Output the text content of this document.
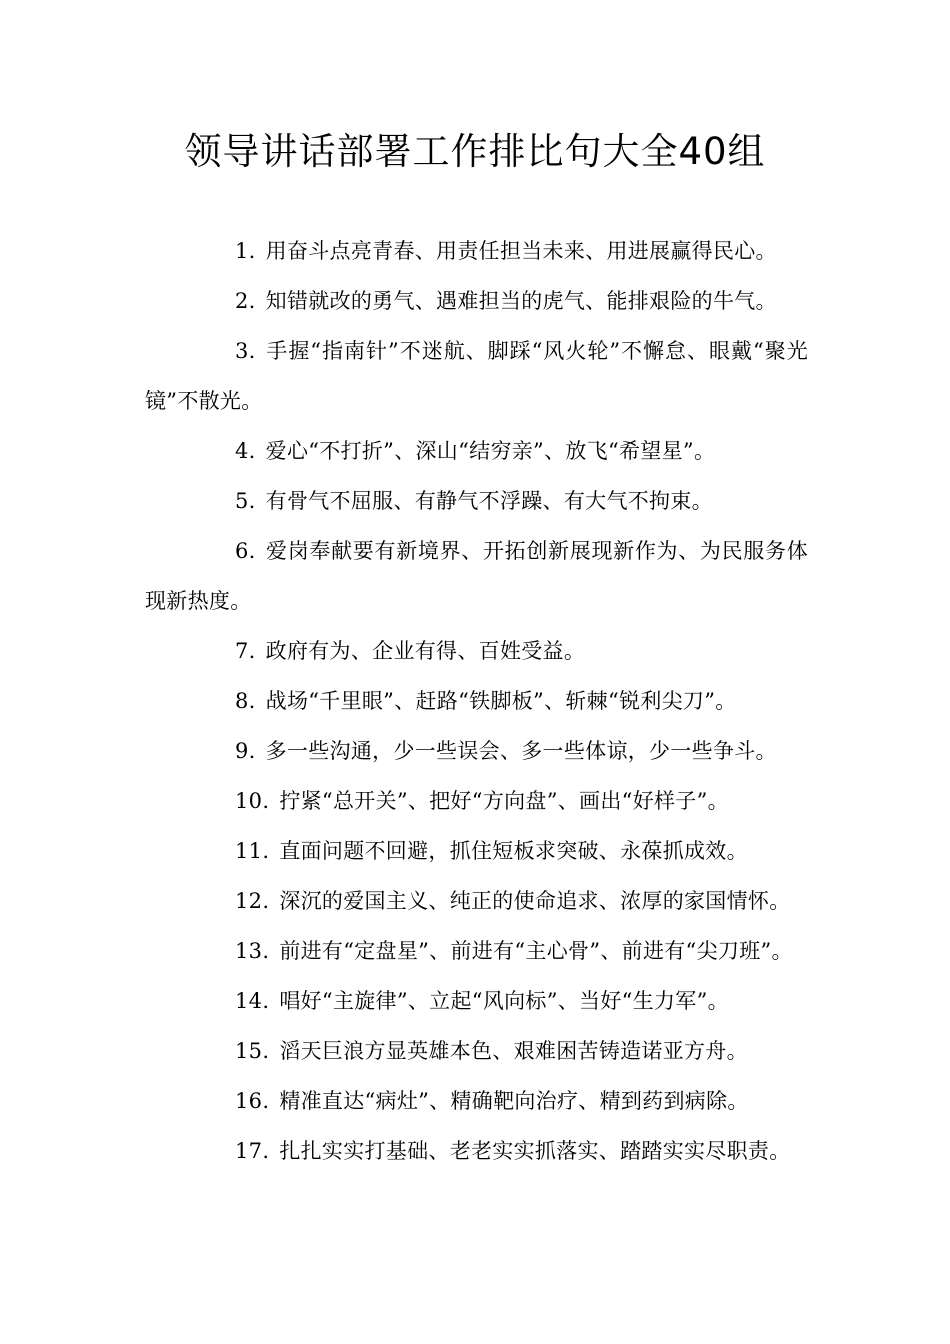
领导讲话部署工作排比句大全40组

1. 用奋斗点亮青春、用责任担当未来、用进展赢得民心。

2. 知错就改的勇气、遇难担当的虎气、能排艰险的牛气。

3. 手握“指南针”不迷航、脚踩“风火轮”不懈怠、眼戴“聚光镜”不散光。

4. 爱心“不打折”、深山“结穷亲”、放飞“希望星”。

5. 有骨气不屈服、有静气不浮躁、有大气不拘束。

6. 爱岗奉献要有新境界、开拓创新展现新作为、为民服务体现新热度。

7. 政府有为、企业有得、百姓受益。

8. 战场“千里眼”、赶路“铁脚板”、斩棘“锐利尖刀”。

9. 多一些沟通，少一些误会、多一些体谅，少一些争斗。

10. 拧紧“总开关”、把好“方向盘”、画出“好样子”。

11. 直面问题不回避，抓住短板求突破、永葆抓成效。

12. 深沉的爱国主义、纯正的使命追求、浓厚的家国情怀。

13. 前进有“定盘星”、前进有“主心骨”、前进有“尖刀班”。

14. 唱好“主旋律”、立起“风向标”、当好“生力军”。

15. 滔天巨浪方显英雄本色、艰难困苦铸造诺亚方舟。

16. 精准直达“病灶”、精确靶向治疗、精到药到病除。

17. 扎扎实实打基础、老老实实抓落实、踏踏实实尽职责。
